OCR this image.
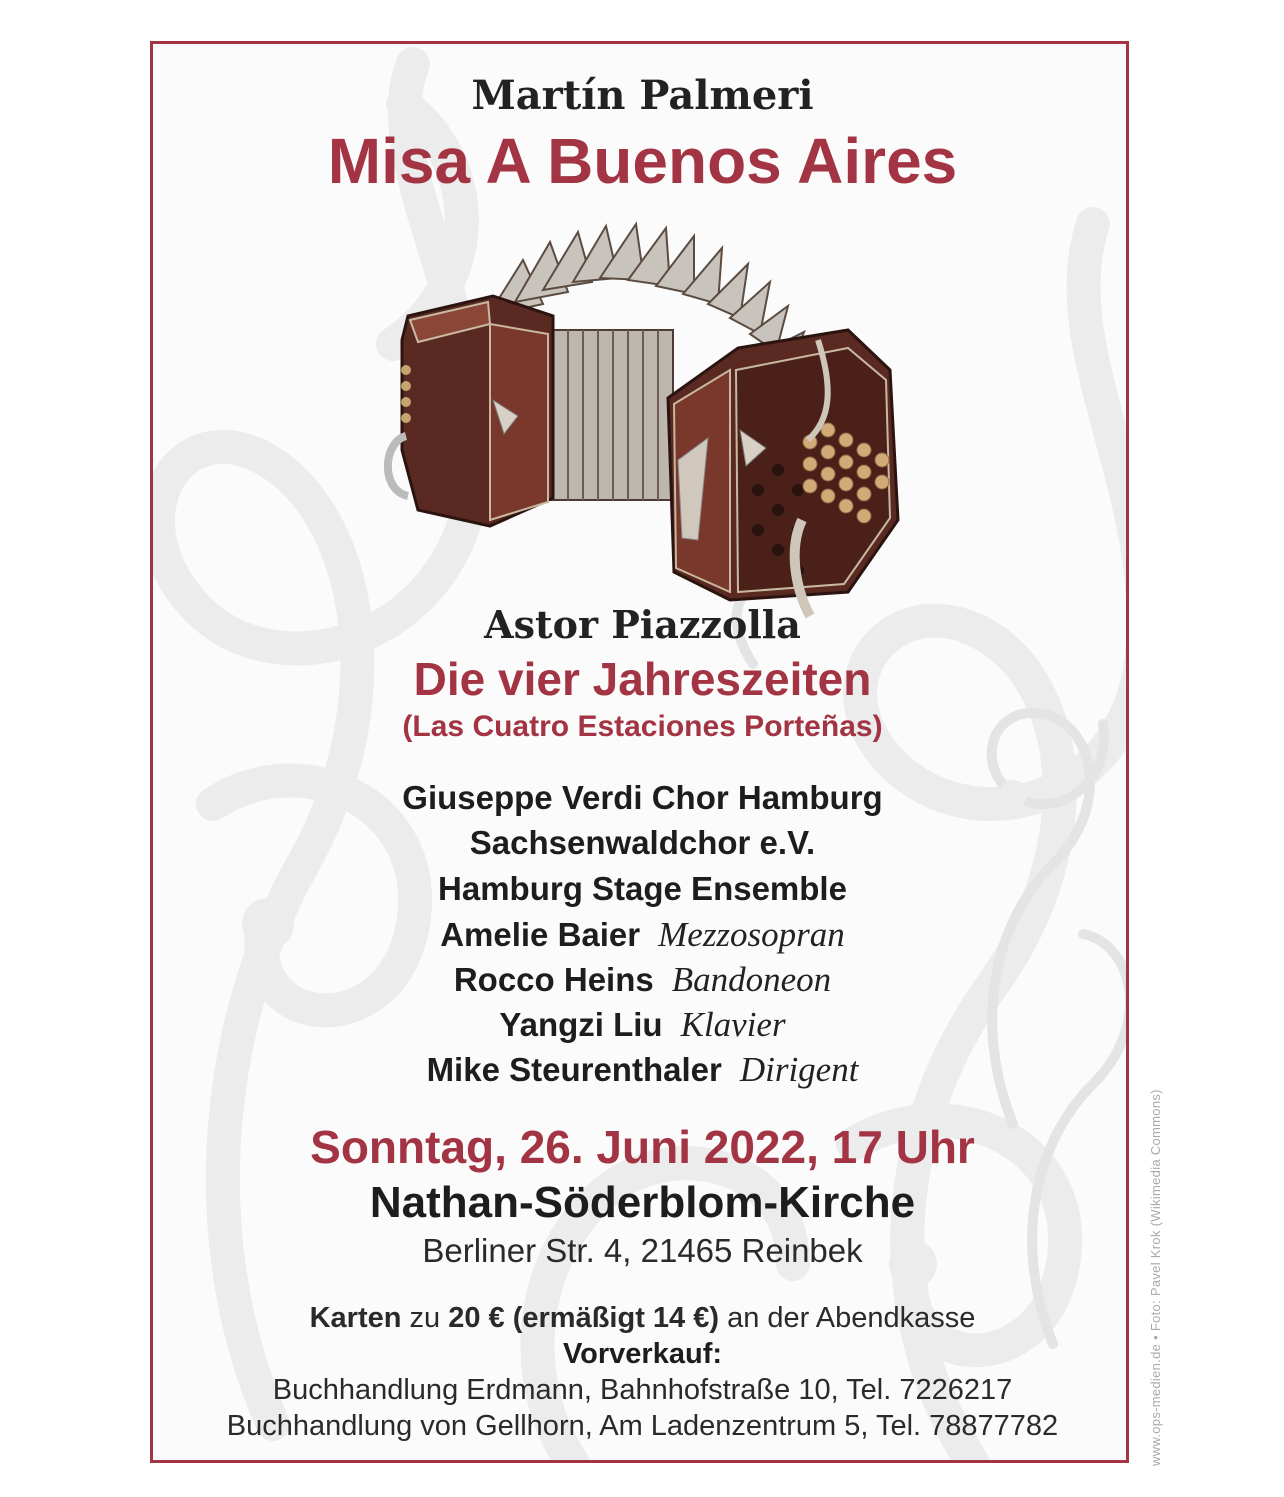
Martín Palmeri
Misa A Buenos Aires
Astor Piazzolla
Die vier Jahreszeiten
(Las Cuatro Estaciones Porteñas)
Giuseppe Verdi Chor Hamburg
Sachsenwaldchor e.V.
Hamburg Stage Ensemble
Amelie Baier Mezzosopran
Rocco Heins Bandoneon
Yangzi Liu Klavier
Mike Steurenthaler Dirigent
Sonntag, 26. Juni 2022, 17 Uhr
Nathan-Söderblom-Kirche
Berliner Str. 4, 21465 Reinbek
Karten zu 20 € (ermäßigt 14 €) an der Abendkasse
Vorverkauf:
Buchhandlung Erdmann, Bahnhofstraße 10, Tel. 7226217
Buchhandlung von Gellhorn, Am Ladenzentrum 5, Tel. 78877782	www.ops-medien.de • Foto: Pavel Krok (Wikimedia Commons)
